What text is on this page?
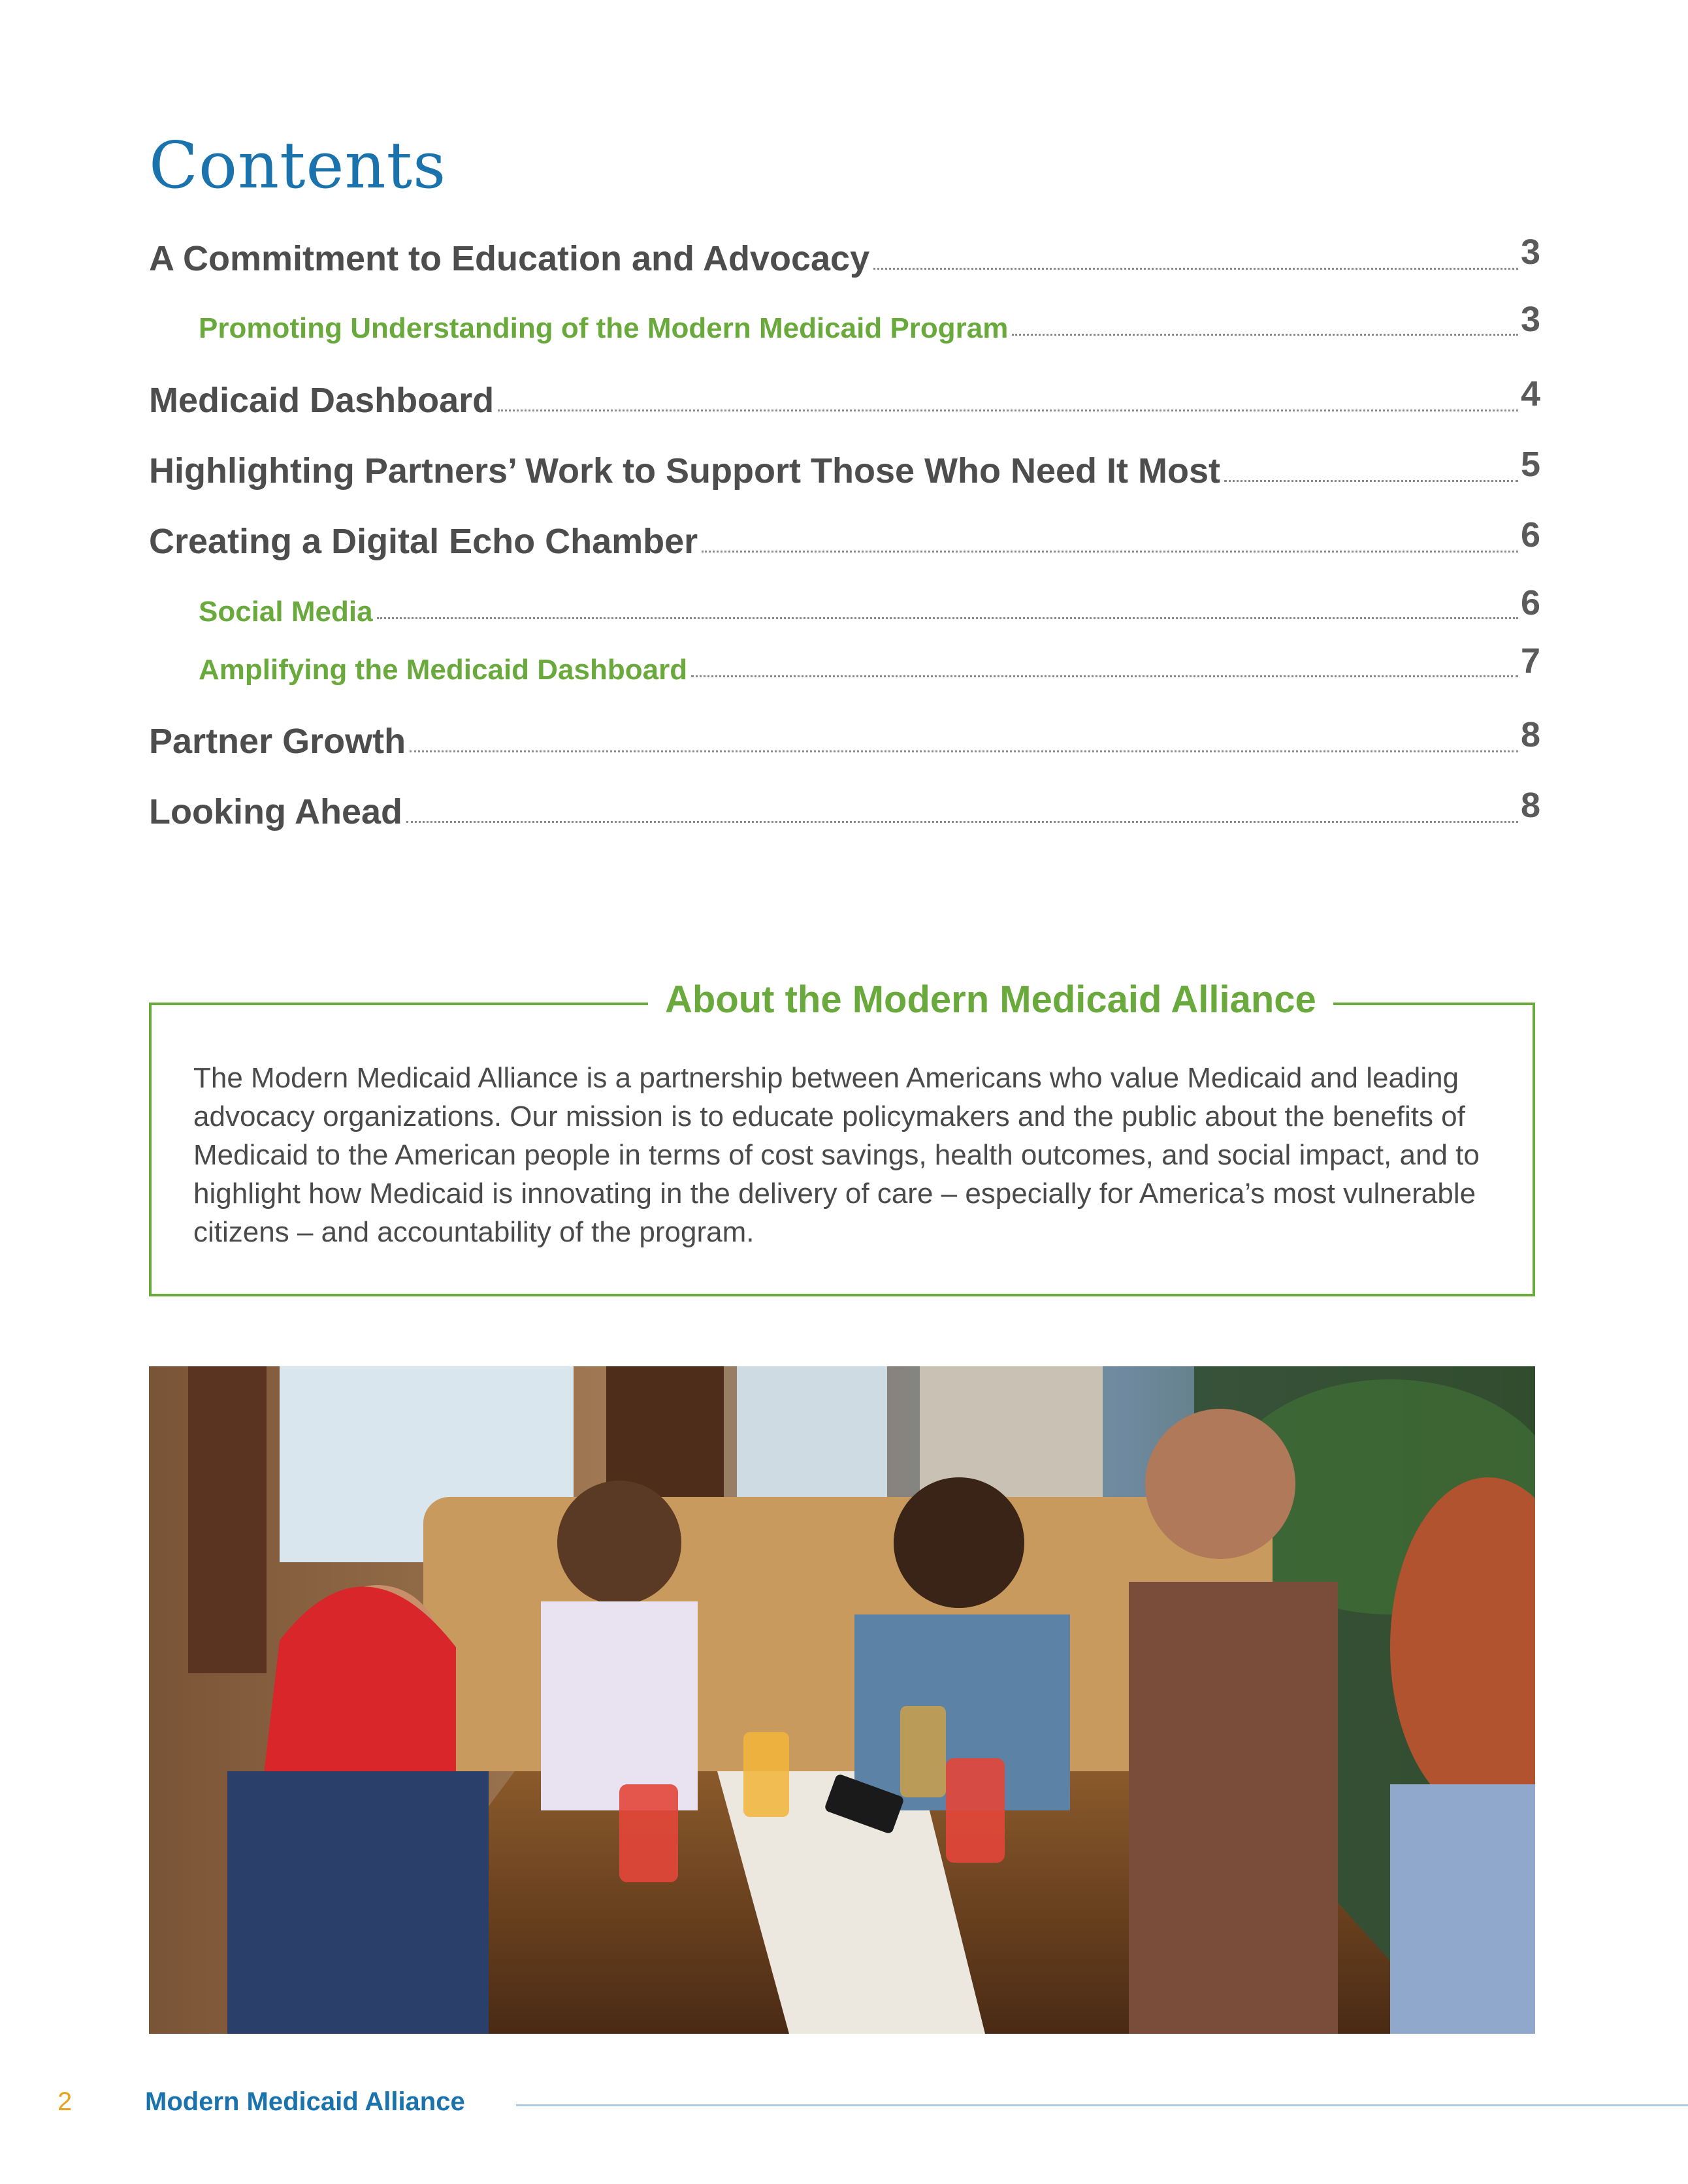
Contents
A Commitment to Education and Advocacy	3
Promoting Understanding of the Modern Medicaid Program	3
Medicaid Dashboard	4
Highlighting Partners’ Work to Support Those Who Need It Most	5
Creating a Digital Echo Chamber	6
Social Media	6
Amplifying the Medicaid Dashboard	7
Partner Growth	8
Looking Ahead	8
About the Modern Medicaid Alliance

The Modern Medicaid Alliance is a partnership between Americans who value Medicaid and leading advocacy organizations. Our mission is to educate policymakers and the public about the benefits of Medicaid to the American people in terms of cost savings, health outcomes, and social impact, and to highlight how Medicaid is innovating in the delivery of care – especially for America’s most vulnerable citizens – and accountability of the program.

2	Modern Medicaid Alliance
